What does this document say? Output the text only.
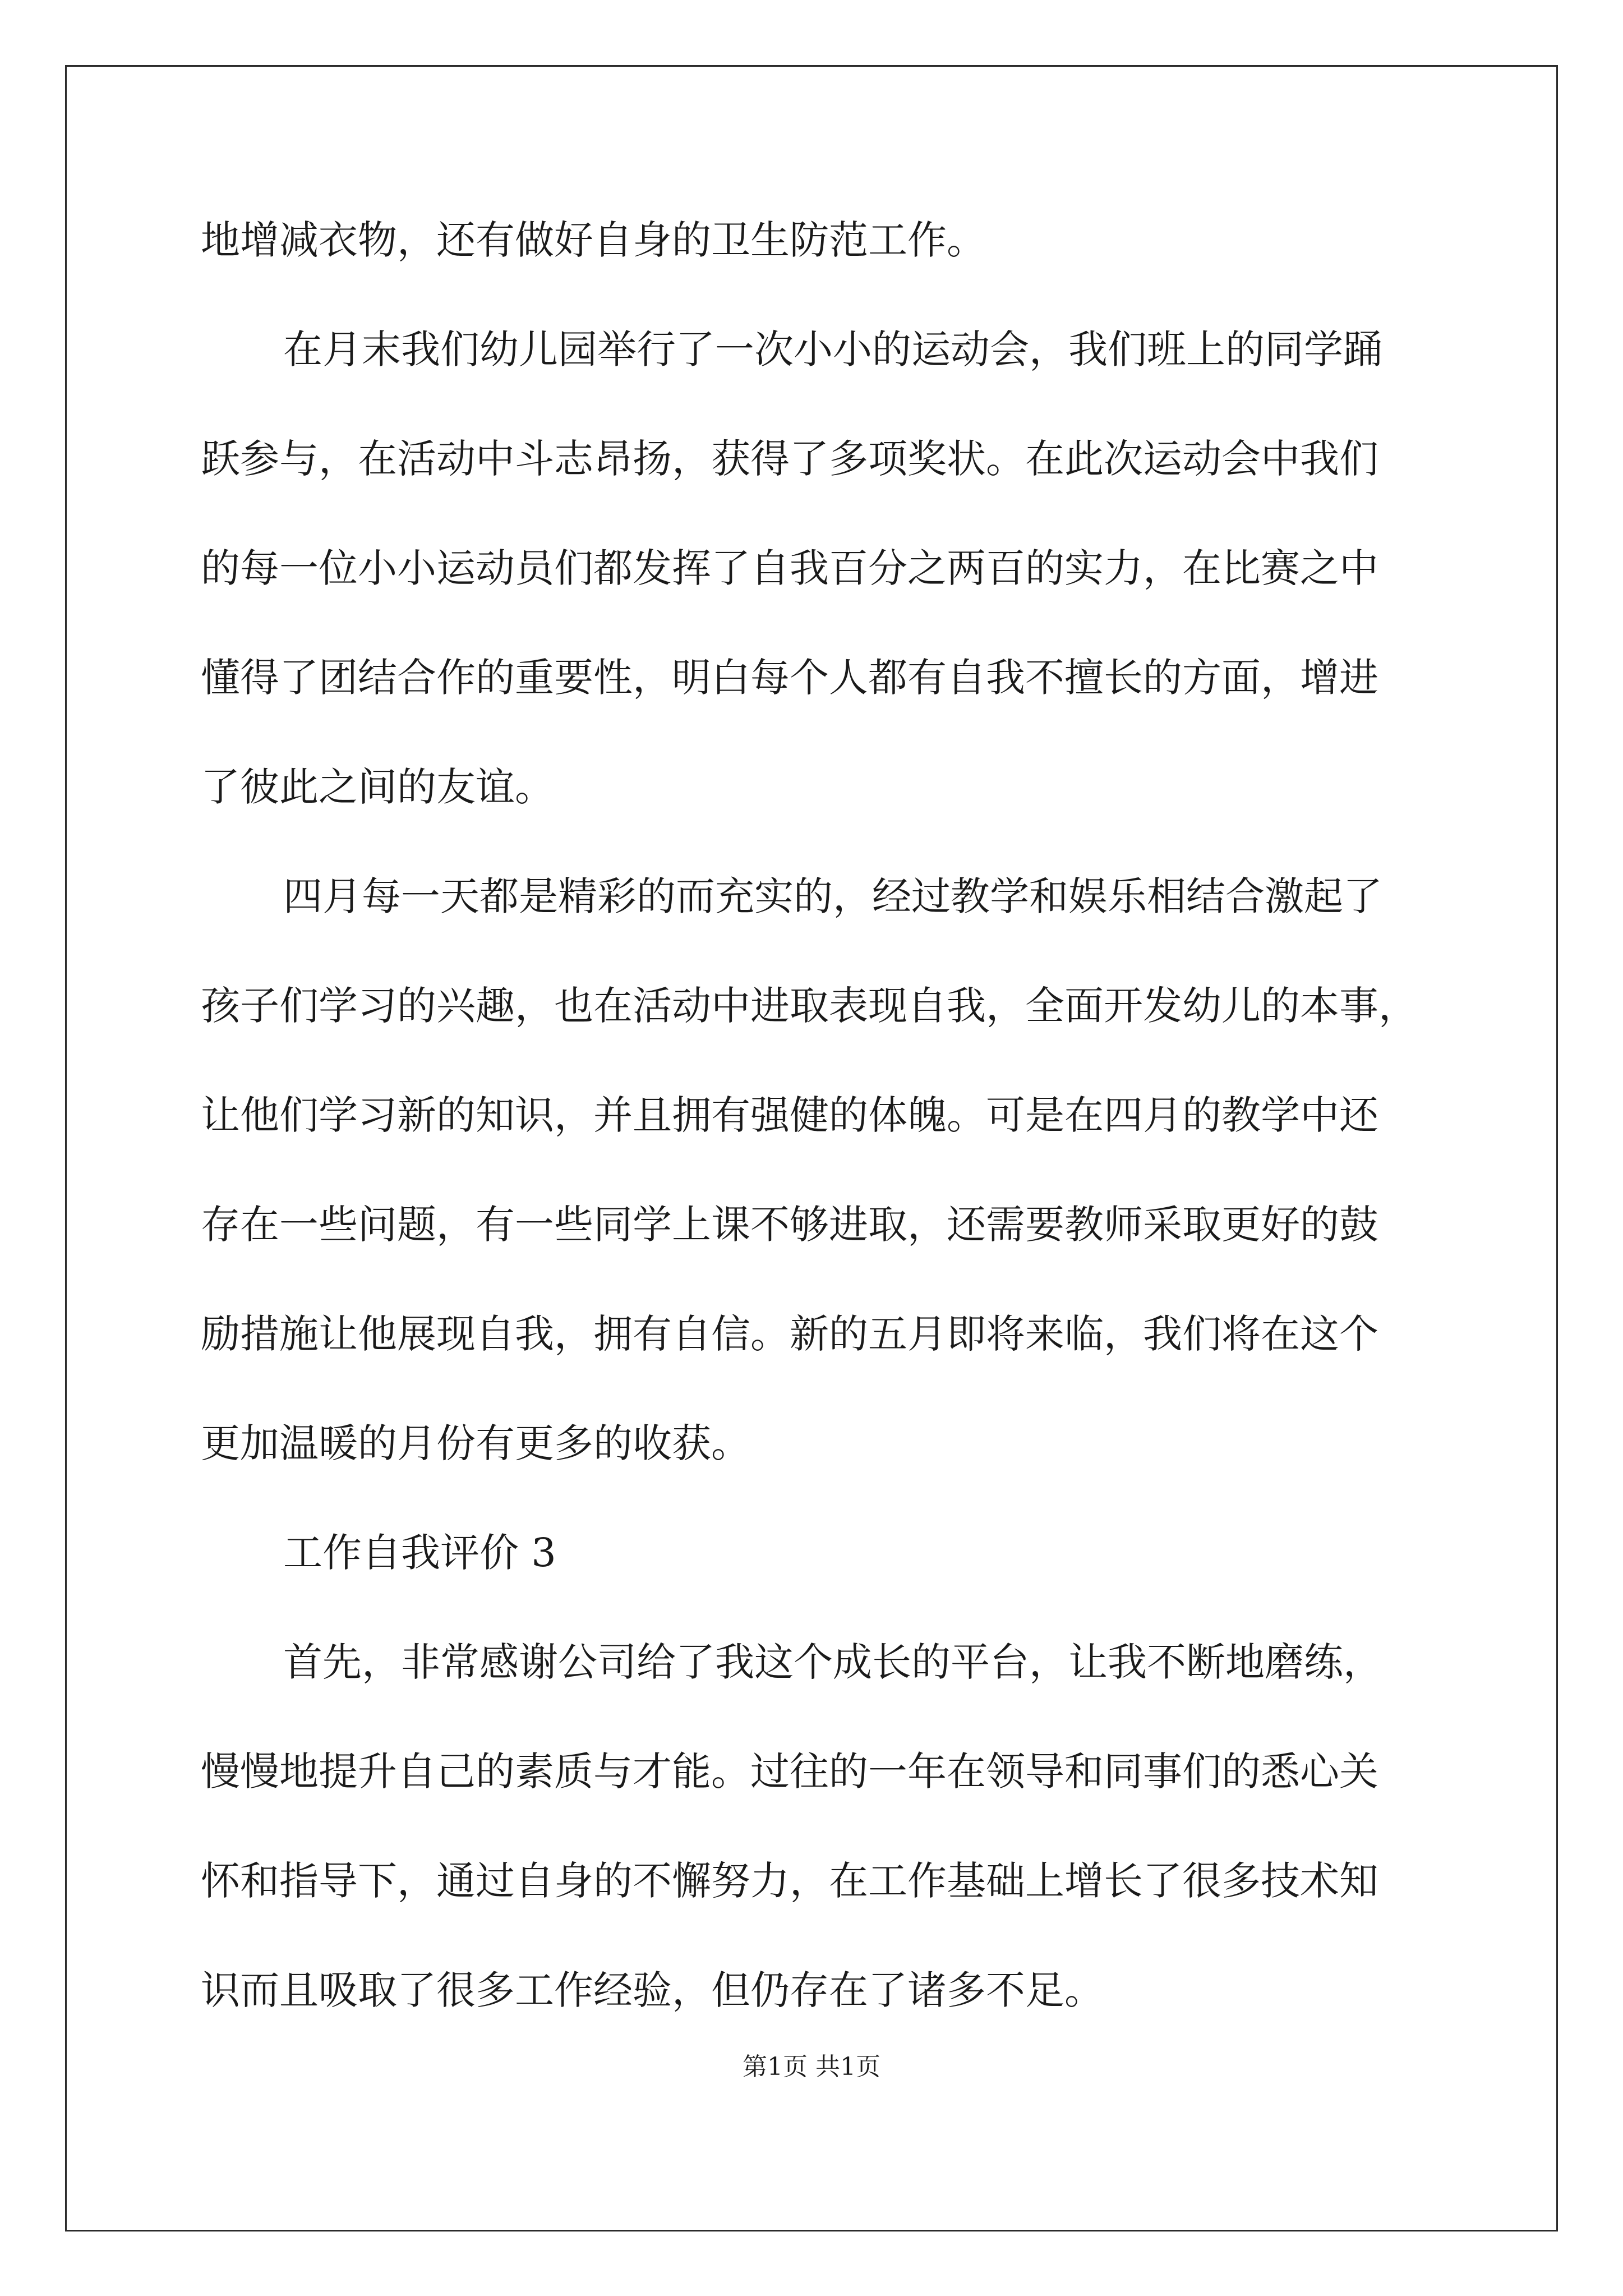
地增减衣物，还有做好自身的卫生防范工作。
在月末我们幼儿园举行了一次小小的运动会，我们班上的同学踊
跃参与，在活动中斗志昂扬，获得了多项奖状。在此次运动会中我们
的每一位小小运动员们都发挥了自我百分之两百的实力，在比赛之中
懂得了团结合作的重要性，明白每个人都有自我不擅长的方面，增进
了彼此之间的友谊。
四月每一天都是精彩的而充实的，经过教学和娱乐相结合激起了
孩子们学习的兴趣，也在活动中进取表现自我，全面开发幼儿的本事，
让他们学习新的知识，并且拥有强健的体魄。可是在四月的教学中还
存在一些问题，有一些同学上课不够进取，还需要教师采取更好的鼓
励措施让他展现自我，拥有自信。新的五月即将来临，我们将在这个
更加温暖的月份有更多的收获。
工作自我评价 3
首先，非常感谢公司给了我这个成长的平台，让我不断地磨练，
慢慢地提升自己的素质与才能。过往的一年在领导和同事们的悉心关
怀和指导下，通过自身的不懈努力，在工作基础上增长了很多技术知
识而且吸取了很多工作经验，但仍存在了诸多不足。
第1页 共1页
